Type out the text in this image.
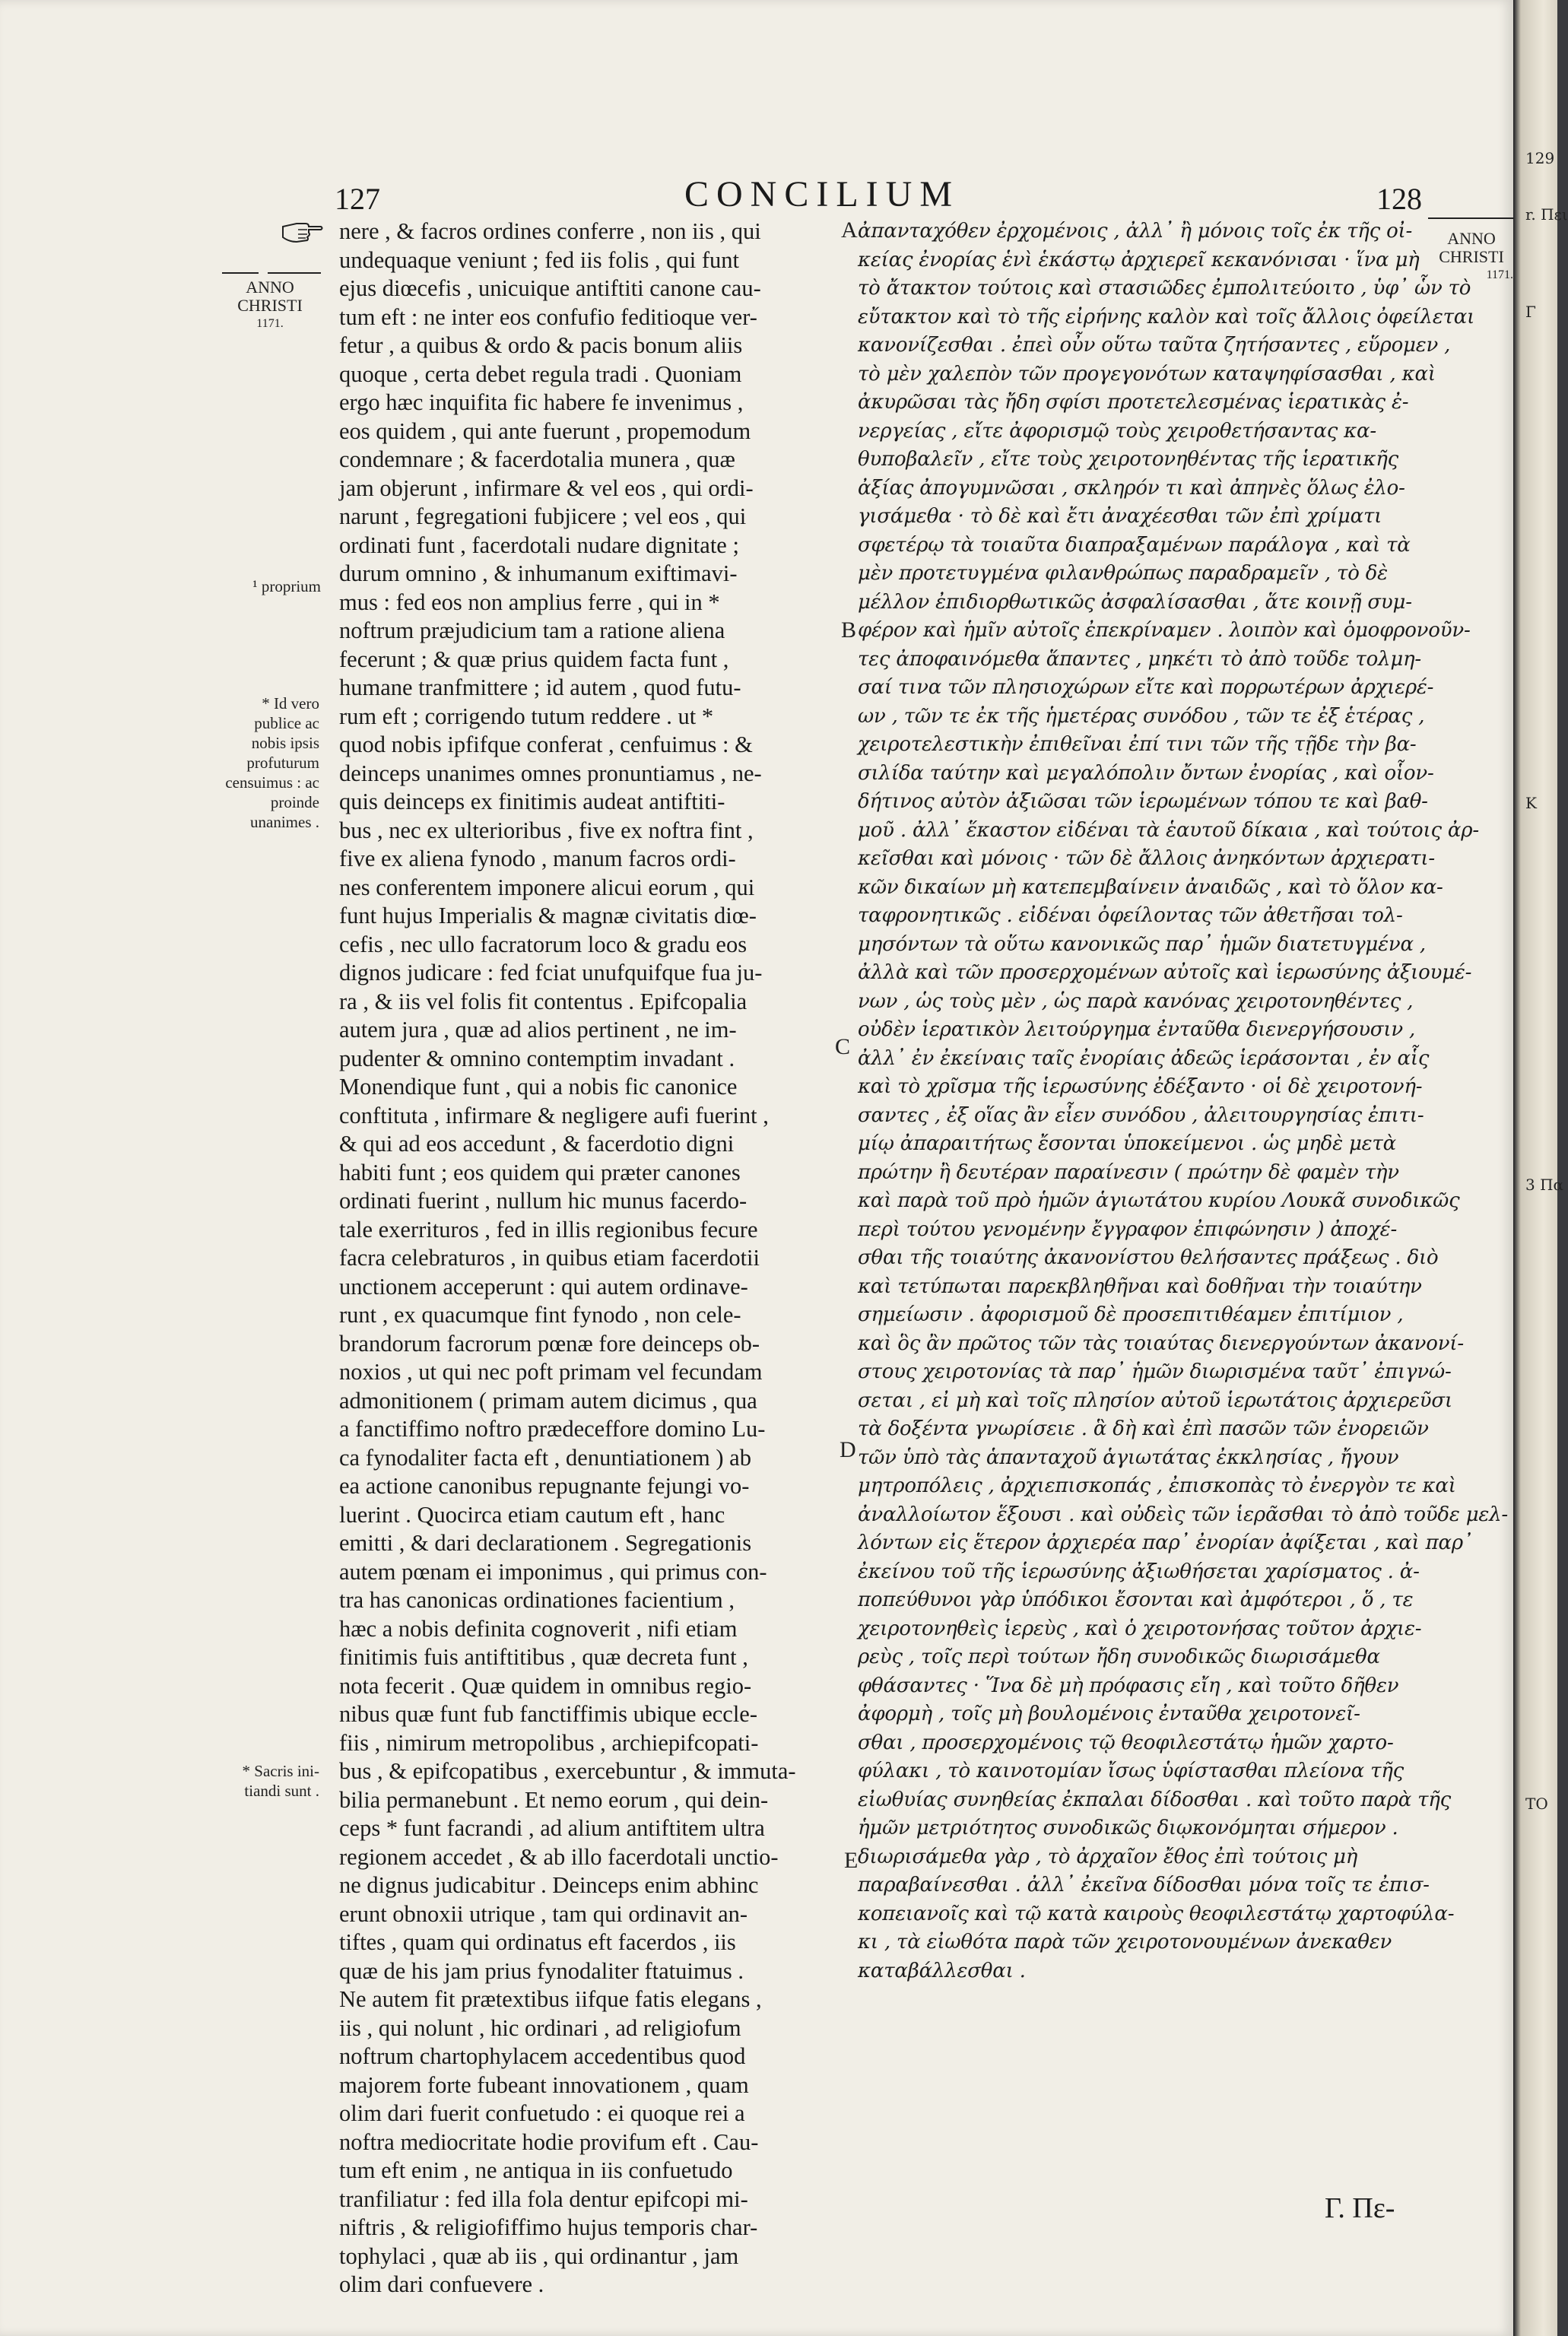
127	CONCILIUM	128
ANNO
CHRISTI
1171.
ANNO
CHRISTI
1171.
¹ proprium
* Id vero publice ac nobis ipsis profuturum censuimus : ac proinde unanimes .
* Sacris ini- tiandi sunt .
A
B
C
D
E
nere , & facros ordines conferre , non iis , qui
undequaque veniunt ; fed iis folis , qui funt
ejus diœcefis , unicuique antiftiti canone cau-
tum eft : ne inter eos confufio feditioque ver-
fetur , a quibus & ordo & pacis bonum aliis
quoque , certa debet regula tradi . Quoniam
ergo hæc inquifita fic habere fe invenimus ,
eos quidem , qui ante fuerunt , propemodum
condemnare ; & facerdotalia munera , quæ
jam objerunt , infirmare & vel eos , qui ordi-
narunt , fegregationi fubjicere ; vel eos , qui
ordinati funt , facerdotali nudare dignitate ;
durum omnino , & inhumanum exiftimavi-
mus : fed eos non amplius ferre , qui in *
noftrum præjudicium tam a ratione aliena
fecerunt ; & quæ prius quidem facta funt ,
humane tranfmittere ; id autem , quod futu-
rum eft ; corrigendo tutum reddere . ut *
quod nobis ipfifque conferat , cenfuimus : &
deinceps unanimes omnes pronuntiamus , ne-
quis deinceps ex finitimis audeat antiftiti-
bus , nec ex ulterioribus , five ex noftra fint ,
five ex aliena fynodo , manum facros ordi-
nes conferentem imponere alicui eorum , qui
funt hujus Imperialis & magnæ civitatis diœ-
cefis , nec ullo facratorum loco & gradu eos
dignos judicare : fed fciat unufquifque fua ju-
ra , & iis vel folis fit contentus . Epifcopalia
autem jura , quæ ad alios pertinent , ne im-
pudenter & omnino contemptim invadant .
Monendique funt , qui a nobis fic canonice
conftituta , infirmare & negligere aufi fuerint ,
& qui ad eos accedunt , & facerdotio digni
habiti funt ; eos quidem qui præter canones
ordinati fuerint , nullum hic munus facerdo-
tale exerrituros , fed in illis regionibus fecure
facra celebraturos , in quibus etiam facerdotii
unctionem acceperunt : qui autem ordinave-
runt , ex quacumque fint fynodo , non cele-
brandorum facrorum pœnæ fore deinceps ob-
noxios , ut qui nec poft primam vel fecundam
admonitionem ( primam autem dicimus , qua
a fanctiffimo noftro prædeceffore domino Lu-
ca fynodaliter facta eft , denuntiationem ) ab
ea actione canonibus repugnante fejungi vo-
luerint . Quocirca etiam cautum eft , hanc
emitti , & dari declarationem . Segregationis
autem pœnam ei imponimus , qui primus con-
tra has canonicas ordinationes facientium ,
hæc a nobis definita cognoverit , nifi etiam
finitimis fuis antiftitibus , quæ decreta funt ,
nota fecerit . Quæ quidem in omnibus regio-
nibus quæ funt fub fanctiffimis ubique eccle-
fiis , nimirum metropolibus , archiepifcopati-
bus , & epifcopatibus , exercebuntur , & immuta-
bilia permanebunt . Et nemo eorum , qui dein-
ceps * funt facrandi , ad alium antiftitem ultra
regionem accedet , & ab illo facerdotali unctio-
ne dignus judicabitur . Deinceps enim abhinc
erunt obnoxii utrique , tam qui ordinavit an-
tiftes , quam qui ordinatus eft facerdos , iis
quæ de his jam prius fynodaliter ftatuimus .
Ne autem fit prætextibus iifque fatis elegans ,
iis , qui nolunt , hic ordinari , ad religiofum
noftrum chartophylacem accedentibus quod
majorem forte fubeant innovationem , quam
olim dari fuerit confuetudo : ei quoque rei a
noftra mediocritate hodie provifum eft . Cau-
tum eft enim , ne antiqua in iis confuetudo
tranfiliatur : fed illa fola dentur epifcopi mi-
niftris , & religiofiffimo hujus temporis char-
tophylaci , quæ ab iis , qui ordinantur , jam
olim dari confuevere .
ἀπανταχόθεν ἐρχομένοις , ἀλλ᾽ ἢ μόνοις τοῖς ἐκ τῆς οἰ-
κείας ἐνορίας ἑνὶ ἑκάστῳ ἀρχιερεῖ κεκανόνισαι · ἵνα μὴ
τὸ ἄτακτον τούτοις καὶ στασιῶδες ἐμπολιτεύοιτο , ὑφ᾽ ὧν τὸ
εὔτακτον καὶ τὸ τῆς εἰρήνης καλὸν καὶ τοῖς ἄλλοις ὀφείλεται
κανονίζεσθαι . ἐπεὶ οὖν οὕτω ταῦτα ζητήσαντες , εὕρομεν ,
τὸ μὲν χαλεπὸν τῶν προγεγονότων καταψηφίσασθαι , καὶ
ἀκυρῶσαι τὰς ἤδη σφίσι προτετελεσμένας ἱερατικὰς ἐ-
νεργείας , εἴτε ἀφορισμῷ τοὺς χειροθετήσαντας κα-
θυποβαλεῖν , εἴτε τοὺς χειροτονηθέντας τῆς ἱερατικῆς
ἀξίας ἀπογυμνῶσαι , σκληρόν τι καὶ ἀπηνὲς ὅλως ἐλο-
γισάμεθα · τὸ δὲ καὶ ἔτι ἀναχέεσθαι τῶν ἐπὶ χρίματι
σφετέρῳ τὰ τοιαῦτα διαπραξαμένων παράλογα , καὶ τὰ
μὲν προτετυγμένα φιλανθρώπως παραδραμεῖν , τὸ δὲ
μέλλον ἐπιδιορθωτικῶς ἀσφαλίσασθαι , ἅτε κοινῇ συμ-
φέρον καὶ ἡμῖν αὐτοῖς ἐπεκρίναμεν . λοιπὸν καὶ ὁμοφρονοῦν-
τες ἀποφαινόμεθα ἅπαντες , μηκέτι τὸ ἀπὸ τοῦδε τολμη-
σαί τινα τῶν πλησιοχώρων εἴτε καὶ πορρωτέρων ἀρχιερέ-
ων , τῶν τε ἐκ τῆς ἡμετέρας συνόδου , τῶν τε ἐξ ἑτέρας ,
χειροτελεστικὴν ἐπιθεῖναι ἐπί τινι τῶν τῆς τῇδε τὴν βα-
σιλίδα ταύτην καὶ μεγαλόπολιν ὄντων ἐνορίας , καὶ οἷον-
δήτινος αὐτὸν ἀξιῶσαι τῶν ἱερωμένων τόπου τε καὶ βαθ-
μοῦ . ἀλλ᾽ ἕκαστον εἰδέναι τὰ ἑαυτοῦ δίκαια , καὶ τούτοις ἀρ-
κεῖσθαι καὶ μόνοις · τῶν δὲ ἄλλοις ἀνηκόντων ἀρχιερατι-
κῶν δικαίων μὴ κατεπεμβαίνειν ἀναιδῶς , καὶ τὸ ὅλον κα-
ταφρονητικῶς . εἰδέναι ὀφείλοντας τῶν ἀθετῆσαι τολ-
μησόντων τὰ οὕτω κανονικῶς παρ᾽ ἡμῶν διατετυγμένα ,
ἀλλὰ καὶ τῶν προσερχομένων αὐτοῖς καὶ ἱερωσύνης ἀξιουμέ-
νων , ὡς τοὺς μὲν , ὡς παρὰ κανόνας χειροτονηθέντες ,
οὐδὲν ἱερατικὸν λειτούργημα ἐνταῦθα διενεργήσουσιν ,
ἀλλ᾽ ἐν ἐκείναις ταῖς ἐνορίαις ἀδεῶς ἱεράσονται , ἐν αἷς
καὶ τὸ χρῖσμα τῆς ἱερωσύνης ἐδέξαντο · οἱ δὲ χειροτονή-
σαντες , ἐξ οἵας ἂν εἶεν συνόδου , ἀλειτουργησίας ἐπιτι-
μίῳ ἀπαραιτήτως ἔσονται ὑποκείμενοι . ὡς μηδὲ μετὰ
πρώτην ἢ δευτέραν παραίνεσιν ( πρώτην δὲ φαμὲν τὴν
καὶ παρὰ τοῦ πρὸ ἡμῶν ἁγιωτάτου κυρίου Λουκᾶ συνοδικῶς
περὶ τούτου γενομένην ἔγγραφον ἐπιφώνησιν ) ἀποχέ-
σθαι τῆς τοιαύτης ἀκανονίστου θελήσαντες πράξεως . διὸ
καὶ τετύπωται παρεκβληθῆναι καὶ δοθῆναι τὴν τοιαύτην
σημείωσιν . ἀφορισμοῦ δὲ προσεπιτιθέαμεν ἐπιτίμιον ,
καὶ ὃς ἂν πρῶτος τῶν τὰς τοιαύτας διενεργούντων ἀκανονί-
στους χειροτονίας τὰ παρ᾽ ἡμῶν διωρισμένα ταῦτ᾽ ἐπιγνώ-
σεται , εἰ μὴ καὶ τοῖς πλησίον αὐτοῦ ἱερωτάτοις ἀρχιερεῦσι
τὰ δοξέντα γνωρίσειε . ἃ δὴ καὶ ἐπὶ πασῶν τῶν ἐνορειῶν
τῶν ὑπὸ τὰς ἁπανταχοῦ ἁγιωτάτας ἐκκλησίας , ἤγουν
μητροπόλεις , ἀρχιεπισκοπάς , ἐπισκοπὰς τὸ ἐνεργὸν τε καὶ
ἀναλλοίωτον ἕξουσι . καὶ οὐδεὶς τῶν ἱερᾶσθαι τὸ ἀπὸ τοῦδε μελ-
λόντων εἰς ἕτερον ἀρχιερέα παρ᾽ ἐνορίαν ἀφίξεται , καὶ παρ᾽
ἐκείνου τοῦ τῆς ἱερωσύνης ἀξιωθήσεται χαρίσματος . ἀ-
ποπεύθυνοι γὰρ ὑπόδικοι ἔσονται καὶ ἀμφότεροι , ὅ , τε
χειροτονηθεὶς ἱερεὺς , καὶ ὁ χειροτονήσας τοῦτον ἀρχιε-
ρεὺς , τοῖς περὶ τούτων ἤδη συνοδικῶς διωρισάμεθα
φθάσαντες · Ἵνα δὲ μὴ πρόφασις εἴη , καὶ τοῦτο δῆθεν
ἀφορμὴ , τοῖς μὴ βουλομένοις ἐνταῦθα χειροτονεῖ-
σθαι , προσερχομένοις τῷ θεοφιλεστάτῳ ἡμῶν χαρτο-
φύλακι , τὸ καινοτομίαν ἴσως ὑφίστασθαι πλείονα τῆς
εἰωθυίας συνηθείας ἐκπαλαι δίδοσθαι . καὶ τοῦτο παρὰ τῆς
ἡμῶν μετριότητος συνοδικῶς διῳκονόμηται σήμερον .
διωρισάμεθα γὰρ , τὸ ἀρχαῖον ἔθος ἐπὶ τούτοις μὴ
παραβαίνεσθαι . ἀλλ᾽ ἐκεῖνα δίδοσθαι μόνα τοῖς τε ἐπισ-
κοπειανοῖς καὶ τῷ κατὰ καιροὺς θεοφιλεστάτῳ χαρτοφύλα-
κι , τὰ εἰωθότα παρὰ τῶν χειροτονουμένων ἀνεκαθεν
καταβάλλεσθαι .
Γ. Πε-
129
r. Πει
Γ
K
3 Πα
ΤΟ
